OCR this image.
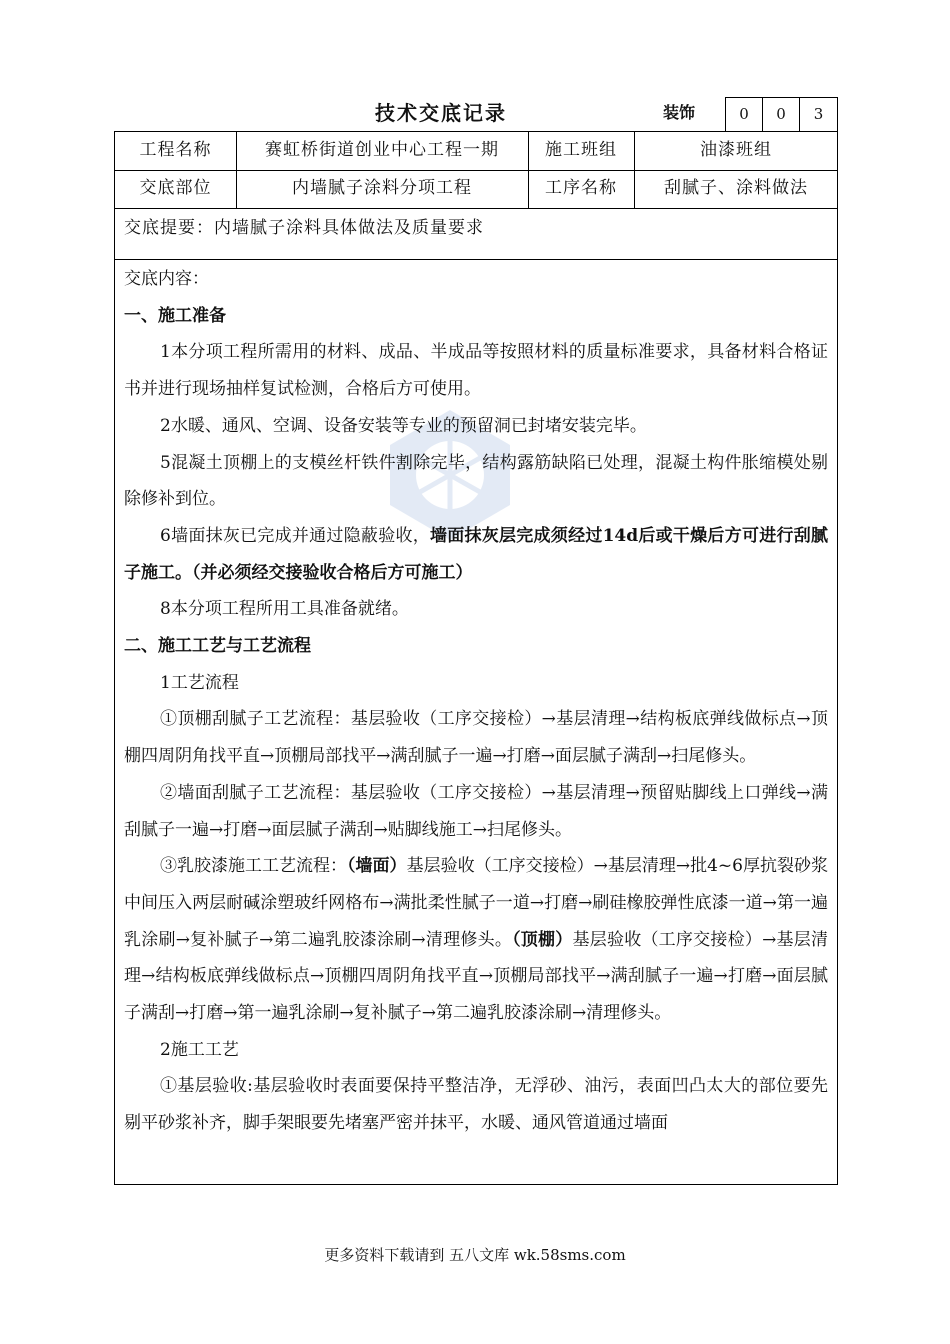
技术交底记录	装饰	0	0	3
工程名称	赛虹桥街道创业中心工程一期	施工班组	油漆班组
交底部位	内墙腻子涂料分项工程	工序名称	刮腻子、涂料做法
交底提要：内墙腻子涂料具体做法及质量要求

交底内容：

一、施工准备

1本分项工程所需用的材料、成品、半成品等按照材料的质量标准要求，具备材料合格证书并进行现场抽样复试检测，合格后方可使用。

2水暖、通风、空调、设备安装等专业的预留洞已封堵安装完毕。

5混凝土顶棚上的支模丝杆铁件割除完毕，结构露筋缺陷已处理，混凝土构件胀缩模处剔除修补到位。

6墙面抹灰已完成并通过隐蔽验收，墙面抹灰层完成须经过14d后或干燥后方可进行刮腻子施工。（并必须经交接验收合格后方可施工）

8本分项工程所用工具准备就绪。

二、施工工艺与工艺流程

1工艺流程

①顶棚刮腻子工艺流程：基层验收（工序交接检）→基层清理→结构板底弹线做标点→顶棚四周阴角找平直→顶棚局部找平→满刮腻子一遍→打磨→面层腻子满刮→扫尾修头。

②墙面刮腻子工艺流程：基层验收（工序交接检）→基层清理→预留贴脚线上口弹线→满刮腻子一遍→打磨→面层腻子满刮→贴脚线施工→扫尾修头。

③乳胶漆施工工艺流程：（墙面）基层验收（工序交接检）→基层清理→批4~6厚抗裂砂浆中间压入两层耐碱涂塑玻纤网格布→满批柔性腻子一道→打磨→刷硅橡胶弹性底漆一道→第一遍乳涂刷→复补腻子→第二遍乳胶漆涂刷→清理修头。（顶棚）基层验收（工序交接检）→基层清理→结构板底弹线做标点→顶棚四周阴角找平直→顶棚局部找平→满刮腻子一遍→打磨→面层腻子满刮→打磨→第一遍乳涂刷→复补腻子→第二遍乳胶漆涂刷→清理修头。

2施工工艺

①基层验收:基层验收时表面要保持平整洁净，无浮砂、油污，表面凹凸太大的部位要先剔平砂浆补齐，脚手架眼要先堵塞严密并抹平，水暖、通风管道通过墙面

更多资料下载请到 五八文库 wk.58sms.com
